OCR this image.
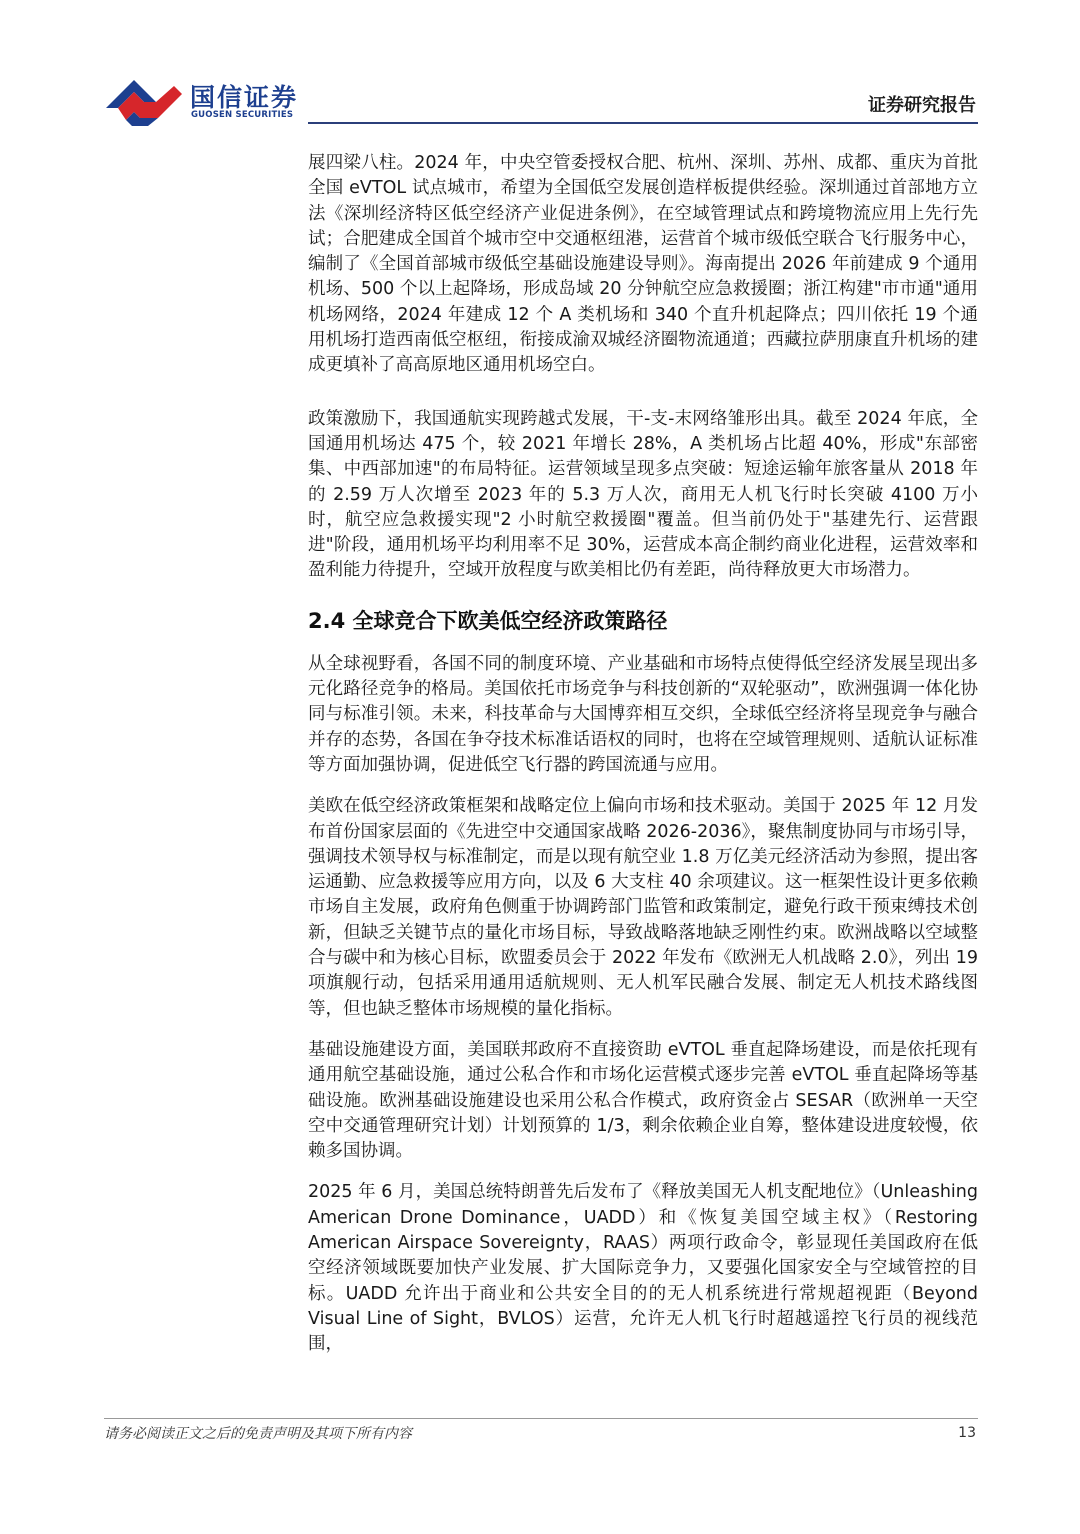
国信证券
GUOSEN SECURITIES	证券研究报告

展四梁八柱。2024 年，中央空管委授权合肥、杭州、深圳、苏州、成都、重庆为首批全国 eVTOL 试点城市，希望为全国低空发展创造样板提供经验。深圳通过首部地方立法《深圳经济特区低空经济产业促进条例》，在空域管理试点和跨境物流应用上先行先试；合肥建成全国首个城市空中交通枢纽港，运营首个城市级低空联合飞行服务中心，编制了《全国首部城市级低空基础设施建设导则》。海南提出 2026 年前建成 9 个通用机场、500 个以上起降场，形成岛域 20 分钟航空应急救援圈；浙江构建"市市通"通用机场网络，2024 年建成 12 个 A 类机场和 340 个直升机起降点；四川依托 19 个通用机场打造西南低空枢纽，衔接成渝双城经济圈物流通道；西藏拉萨朋康直升机场的建成更填补了高高原地区通用机场空白。

政策激励下，我国通航实现跨越式发展，干-支-末网络雏形出具。截至 2024 年底，全国通用机场达 475 个，较 2021 年增长 28%，A 类机场占比超 40%，形成"东部密集、中西部加速"的布局特征。运营领域呈现多点突破：短途运输年旅客量从 2018 年的 2.59 万人次增至 2023 年的 5.3 万人次，商用无人机飞行时长突破 4100 万小时，航空应急救援实现"2 小时航空救援圈"覆盖。但当前仍处于"基建先行、运营跟进"阶段，通用机场平均利用率不足 30%，运营成本高企制约商业化进程，运营效率和盈利能力待提升，空域开放程度与欧美相比仍有差距，尚待释放更大市场潜力。

2.4 全球竞合下欧美低空经济政策路径

从全球视野看，各国不同的制度环境、产业基础和市场特点使得低空经济发展呈现出多元化路径竞争的格局。美国依托市场竞争与科技创新的“双轮驱动”，欧洲强调一体化协同与标准引领。未来，科技革命与大国博弈相互交织，全球低空经济将呈现竞争与融合并存的态势，各国在争夺技术标准话语权的同时，也将在空域管理规则、适航认证标准等方面加强协调，促进低空飞行器的跨国流通与应用。

美欧在低空经济政策框架和战略定位上偏向市场和技术驱动。美国于 2025 年 12 月发布首份国家层面的《先进空中交通国家战略 2026-2036》，聚焦制度协同与市场引导，强调技术领导权与标准制定，而是以现有航空业 1.8 万亿美元经济活动为参照，提出客运通勤、应急救援等应用方向，以及 6 大支柱 40 余项建议。这一框架性设计更多依赖市场自主发展，政府角色侧重于协调跨部门监管和政策制定，避免行政干预束缚技术创新，但缺乏关键节点的量化市场目标，导致战略落地缺乏刚性约束。欧洲战略以空域整合与碳中和为核心目标，欧盟委员会于 2022 年发布《欧洲无人机战略 2.0》，列出 19 项旗舰行动，包括采用通用适航规则、无人机军民融合发展、制定无人机技术路线图等，但也缺乏整体市场规模的量化指标。

基础设施建设方面，美国联邦政府不直接资助 eVTOL 垂直起降场建设，而是依托现有通用航空基础设施，通过公私合作和市场化运营模式逐步完善 eVTOL 垂直起降场等基础设施。欧洲基础设施建设也采用公私合作模式，政府资金占 SESAR（欧洲单一天空空中交通管理研究计划）计划预算的 1/3，剩余依赖企业自筹，整体建设进度较慢，依赖多国协调。

2025 年 6 月，美国总统特朗普先后发布了《释放美国无人机支配地位》（Unleashing American Drone Dominance，UADD）和《恢复美国空域主权》（Restoring American Airspace Sovereignty，RAAS）两项行政命令，彰显现任美国政府在低空经济领域既要加快产业发展、扩大国际竞争力，又要强化国家安全与空域管控的目标。UADD 允许出于商业和公共安全目的的无人机系统进行常规超视距（Beyond Visual Line of Sight，BVLOS）运营，允许无人机飞行时超越遥控飞行员的视线范围，

请务必阅读正文之后的免责声明及其项下所有内容	13
